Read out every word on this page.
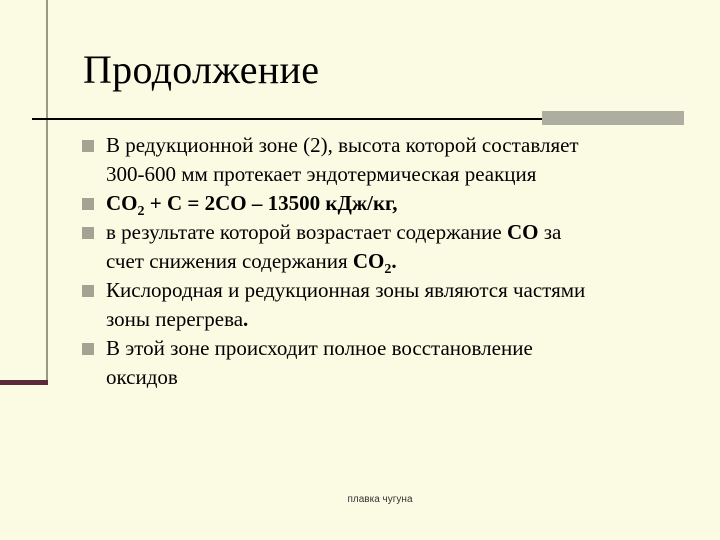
Продолжение
В редукционной зоне (2), высота которой составляет
300-600 мм протекает эндотермическая реакция
$CO_2 + C = 2CO - 13500$ кДж/кг,
в результате которой возрастает содержание CO за
счет снижения содержания $CO_2$.
Кислородная и редукционная зоны являются частями
зоны перегрева.
В этой зоне происходит полное восстановление
оксидов
плавка чугуна
